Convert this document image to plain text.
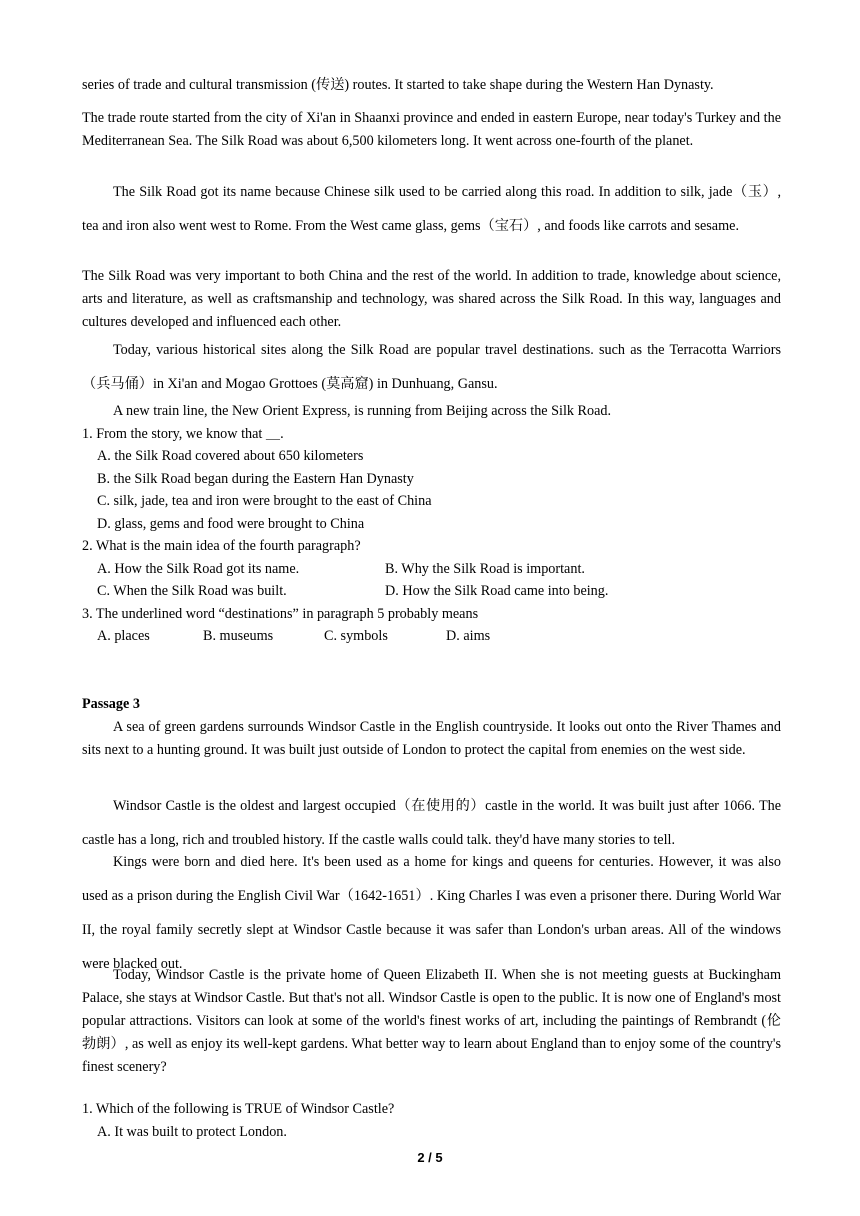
series of trade and cultural transmission (传送) routes. It started to take shape during the Western Han Dynasty.

The trade route started from the city of Xi'an in Shaanxi province and ended in eastern Europe, near today's Turkey and the Mediterranean Sea. The Silk Road was about 6,500 kilometers long. It went across one-fourth of the planet.

The Silk Road got its name because Chinese silk used to be carried along this road. In addition to silk, jade（玉）, tea and iron also went west to Rome. From the West came glass, gems（宝石）, and foods like carrots and sesame.

The Silk Road was very important to both China and the rest of the world. In addition to trade, knowledge about science, arts and literature, as well as craftsmanship and technology, was shared across the Silk Road. In this way, languages and cultures developed and influenced each other.

Today, various historical sites along the Silk Road are popular travel destinations. such as the Terracotta Warriors（兵马俑）in Xi'an and Mogao Grottoes (莫高窟) in Dunhuang, Gansu.

A new train line, the New Orient Express, is running from Beijing across the Silk Road.

1. From the story, we know that ＿.

A. the Silk Road covered about 650 kilometers
B. the Silk Road began during the Eastern Han Dynasty
C. silk, jade, tea and iron were brought to the east of China
D. glass, gems and food were brought to China

2. What is the main idea of the fourth paragraph?

A. How the Silk Road got its name.	B. Why the Silk Road is important.
C. When the Silk Road was built.	D. How the Silk Road came into being.

3. The underlined word “destinations” in paragraph 5 probably means

A. places	B. museums	C. symbols	D. aims

Passage 3

A sea of green gardens surrounds Windsor Castle in the English countryside. It looks out onto the River Thames and sits next to a hunting ground. It was built just outside of London to protect the capital from enemies on the west side.

Windsor Castle is the oldest and largest occupied（在使用的）castle in the world. It was built just after 1066. The castle has a long, rich and troubled history. If the castle walls could talk. they'd have many stories to tell.

Kings were born and died here. It's been used as a home for kings and queens for centuries. However, it was also used as a prison during the English Civil War（1642-1651）. King Charles I was even a prisoner there. During World War II, the royal family secretly slept at Windsor Castle because it was safer than London's urban areas. All of the windows were blacked out.

Today, Windsor Castle is the private home of Queen Elizabeth II. When she is not meeting guests at Buckingham Palace, she stays at Windsor Castle. But that's not all. Windsor Castle is open to the public. It is now one of England's most popular attractions. Visitors can look at some of the world's finest works of art, including the paintings of Rembrandt (伦勃朗）, as well as enjoy its well-kept gardens. What better way to learn about England than to enjoy some of the country's finest scenery?

1. Which of the following is TRUE of Windsor Castle?

A. It was built to protect London.
2 / 5
